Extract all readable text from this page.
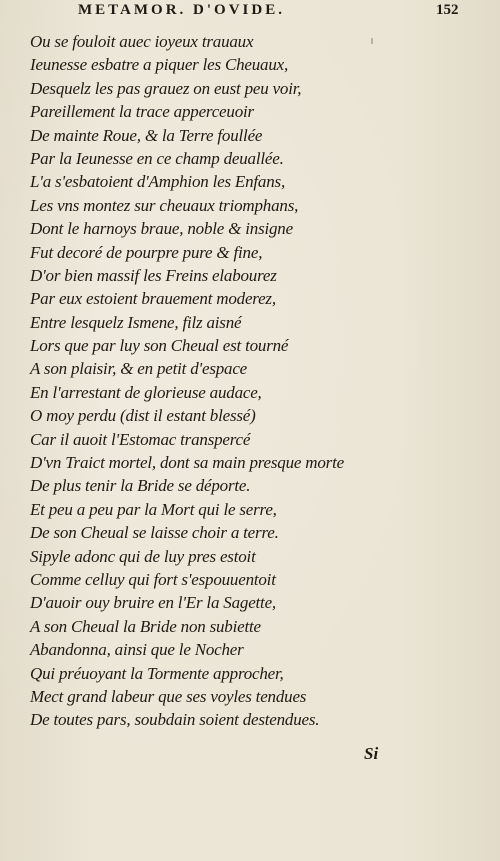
METAMOR. D'OVIDE.	152
Ou se fouloit auec ioyeux trauaux
Ieunesse esbatre a piquer les Cheuaux,
Desquelz les pas grauez on eust peu voir,
Pareillement la trace apperceuoir
De mainte Roue, & la Terre foullée
Par la Ieunesse en ce champ deuallée.
L'a s'esbatoient d'Amphion les Enfans,
Les vns montez sur cheuaux triomphans,
Dont le harnoys braue, noble & insigne
Fut decoré de pourpre pure & fine,
D'or bien massif les Freins elabourez
Par eux estoient brauement moderez,
Entre lesquelz Ismene, filz aisné
Lors que par luy son Cheual est tourné
A son plaisir, & en petit d'espace
En l'arrestant de glorieuse audace,
O moy perdu (dist il estant blessé)
Car il auoit l'Estomac transpercé
D'vn Traict mortel, dont sa main presque morte
De plus tenir la Bride se déporte.
Et peu a peu par la Mort qui le serre,
De son Cheual se laisse choir a terre.
Sipyle adonc qui de luy pres estoit
Comme celluy qui fort s'espouuentoit
D'auoir ouy bruire en l'Er la Sagette,
A son Cheual la Bride non subiette
Abandonna, ainsi que le Nocher
Qui préuoyant la Tormente approcher,
Mect grand labeur que ses voyles tendues
De toutes pars, soubdain soient destendues.
Si
